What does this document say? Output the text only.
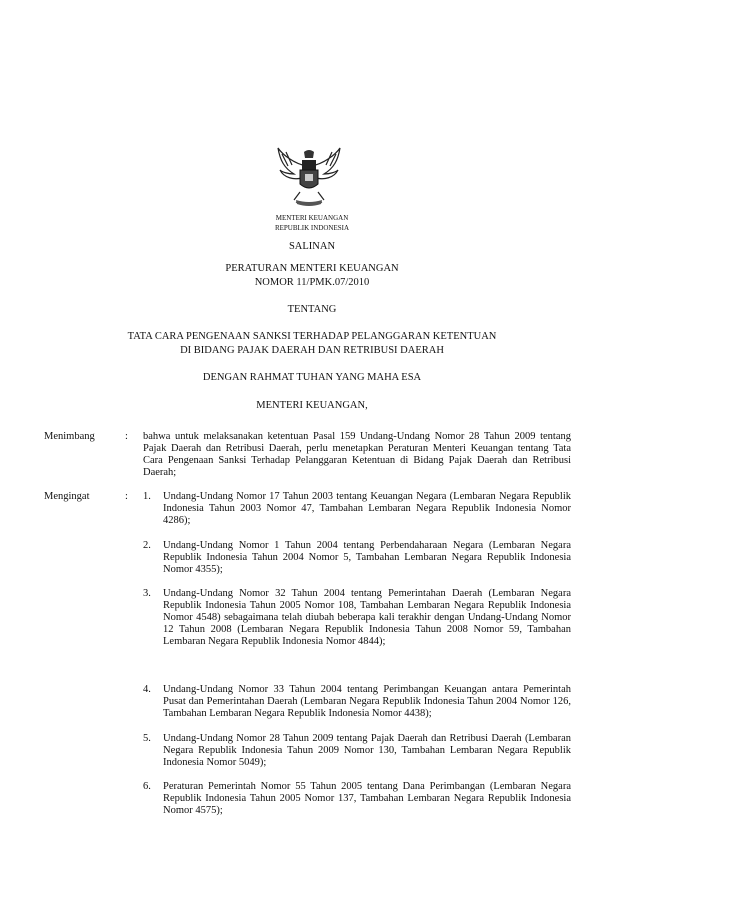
MENTERI KEUANGAN
REPUBLIK INDONESIA
SALINAN
PERATURAN MENTERI KEUANGAN
NOMOR 11/PMK.07/2010
TENTANG
TATA CARA PENGENAAN SANKSI TERHADAP PELANGGARAN KETENTUAN
DI BIDANG PAJAK DAERAH DAN RETRIBUSI DAERAH
DENGAN RAHMAT TUHAN YANG MAHA ESA
MENTERI KEUANGAN,
Menimbang	: bahwa untuk melaksanakan ketentuan Pasal 159 Undang-Undang Nomor 28 Tahun 2009 tentang Pajak Daerah dan Retribusi Daerah, perlu menetapkan Peraturan Menteri Keuangan tentang Tata Cara Pengenaan Sanksi Terhadap Pelanggaran Ketentuan di Bidang Pajak Daerah dan Retribusi Daerah;
Mengingat	: 1. Undang-Undang Nomor 17 Tahun 2003 tentang Keuangan Negara (Lembaran Negara Republik Indonesia Tahun 2003 Nomor 47, Tambahan Lembaran Negara Republik Indonesia Nomor 4286);
2. Undang-Undang Nomor 1 Tahun 2004 tentang Perbendaharaan Negara (Lembaran Negara Republik Indonesia Tahun 2004 Nomor 5, Tambahan Lembaran Negara Republik Indonesia Nomor 4355);
3. Undang-Undang Nomor 32 Tahun 2004 tentang Pemerintahan Daerah (Lembaran Negara Republik Indonesia Tahun 2005 Nomor 108, Tambahan Lembaran Negara Republik Indonesia Nomor 4548) sebagaimana telah diubah beberapa kali terakhir dengan Undang-Undang Nomor 12 Tahun 2008 (Lembaran Negara Republik Indonesia Tahun 2008 Nomor 59, Tambahan Lembaran Negara Republik Indonesia Nomor 4844);
4. Undang-Undang Nomor 33 Tahun 2004 tentang Perimbangan Keuangan antara Pemerintah Pusat dan Pemerintahan Daerah (Lembaran Negara Republik Indonesia Tahun 2004 Nomor 126, Tambahan Lembaran Negara Republik Indonesia Nomor 4438);
5. Undang-Undang Nomor 28 Tahun 2009 tentang Pajak Daerah dan Retribusi Daerah (Lembaran Negara Republik Indonesia Tahun 2009 Nomor 130, Tambahan Lembaran Negara Republik Indonesia Nomor 5049);
6. Peraturan Pemerintah Nomor 55 Tahun 2005 tentang Dana Perimbangan (Lembaran Negara Republik Indonesia Tahun 2005 Nomor 137, Tambahan Lembaran Negara Republik Indonesia Nomor 4575);
